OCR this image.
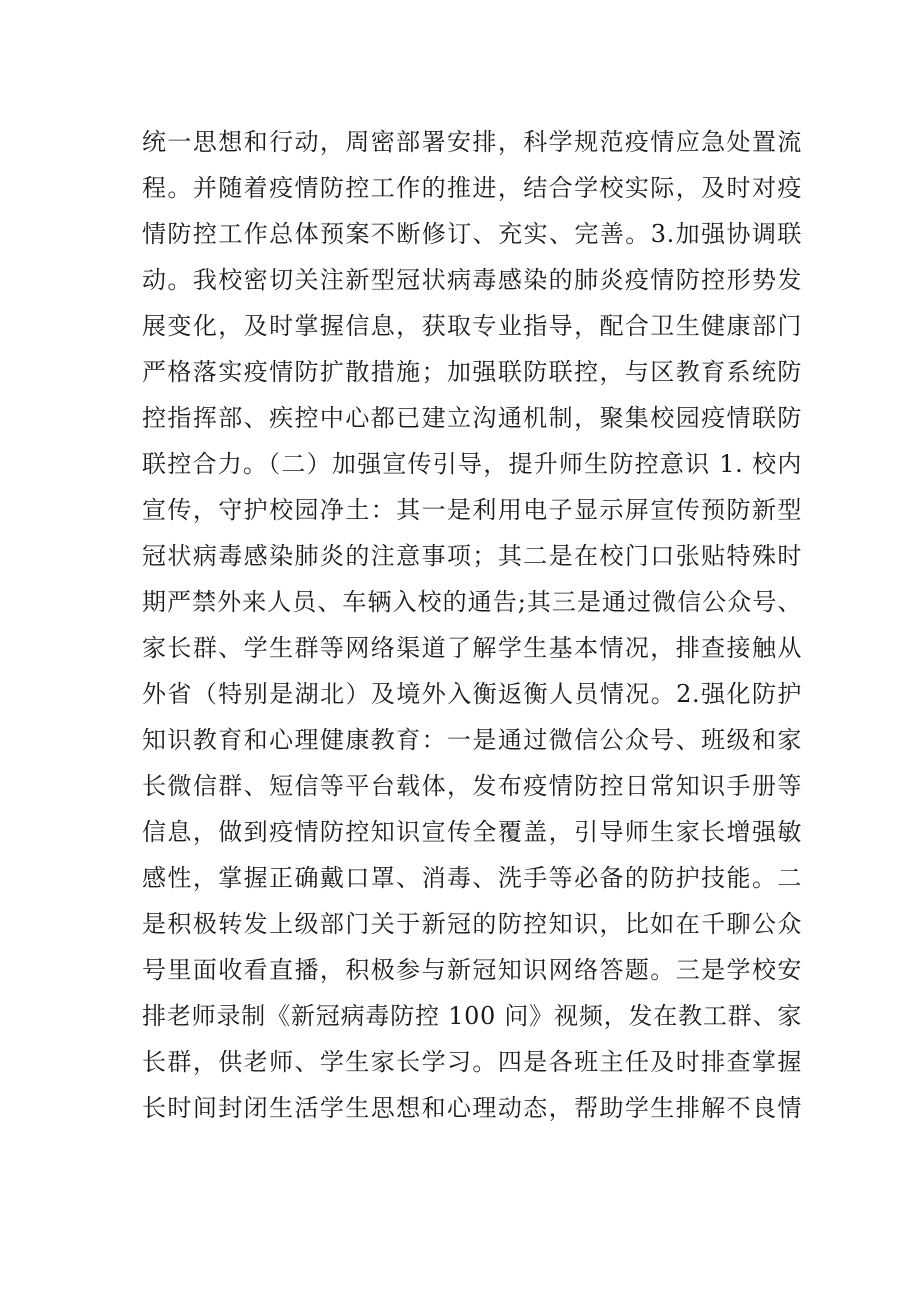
统一思想和行动，周密部署安排，科学规范疫情应急处置流
程。并随着疫情防控工作的推进，结合学校实际，及时对疫
情防控工作总体预案不断修订、充实、完善。3.加强协调联
动。我校密切关注新型冠状病毒感染的肺炎疫情防控形势发
展变化，及时掌握信息，获取专业指导，配合卫生健康部门
严格落实疫情防扩散措施；加强联防联控，与区教育系统防
控指挥部、疾控中心都已建立沟通机制，聚集校园疫情联防
联控合力。（二）加强宣传引导，提升师生防控意识 1. 校内
宣传，守护校园净土：其一是利用电子显示屏宣传预防新型
冠状病毒感染肺炎的注意事项；其二是在校门口张贴特殊时
期严禁外来人员、车辆入校的通告;其三是通过微信公众号、
家长群、学生群等网络渠道了解学生基本情况，排查接触从
外省（特别是湖北）及境外入衡返衡人员情况。2.强化防护
知识教育和心理健康教育：一是通过微信公众号、班级和家
长微信群、短信等平台载体，发布疫情防控日常知识手册等
信息，做到疫情防控知识宣传全覆盖，引导师生家长增强敏
感性，掌握正确戴口罩、消毒、洗手等必备的防护技能。二
是积极转发上级部门关于新冠的防控知识，比如在千聊公众
号里面收看直播，积极参与新冠知识网络答题。三是学校安
排老师录制《新冠病毒防控 100 问》视频，发在教工群、家
长群，供老师、学生家长学习。四是各班主任及时排查掌握
长时间封闭生活学生思想和心理动态，帮助学生排解不良情
